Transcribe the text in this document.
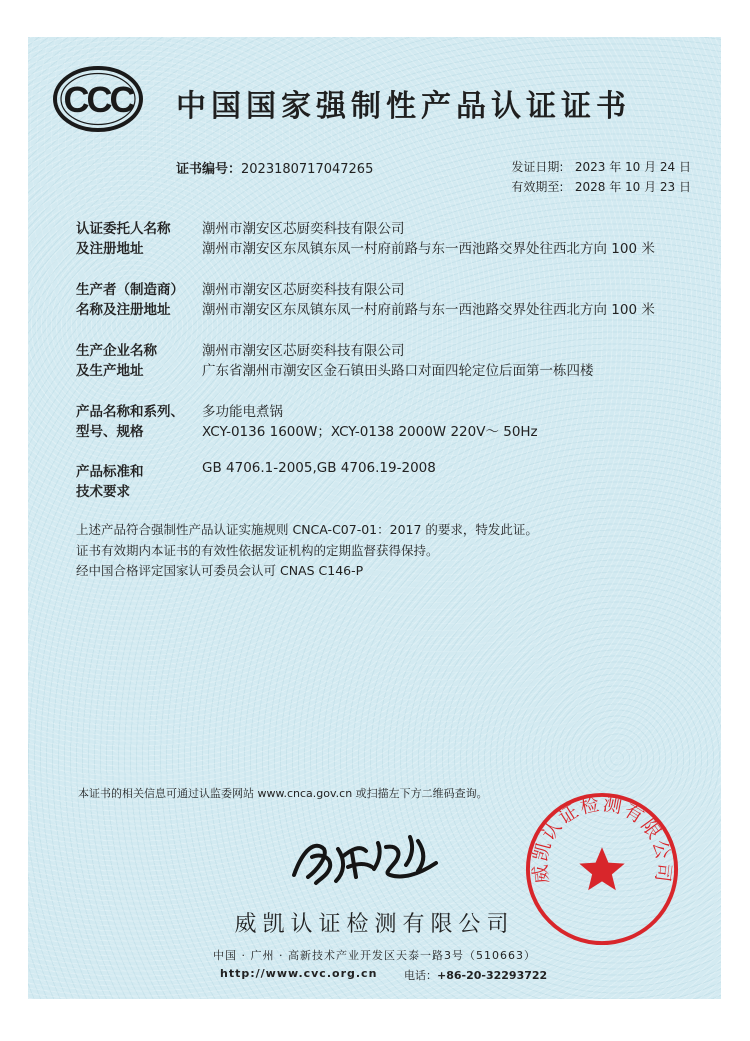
CCC 中国国家强制性产品认证证书
证书编号：2023180717047265	发证日期: 2023 年 10 月 24 日
有效期至: 2028 年 10 月 23 日
认证委托人名称
及注册地址
潮州市潮安区芯厨奕科技有限公司
潮州市潮安区东凤镇东凤一村府前路与东一西池路交界处往西北方向 100 米
生产者（制造商）
名称及注册地址
潮州市潮安区芯厨奕科技有限公司
潮州市潮安区东凤镇东凤一村府前路与东一西池路交界处往西北方向 100 米
生产企业名称
及生产地址
潮州市潮安区芯厨奕科技有限公司
广东省潮州市潮安区金石镇田头路口对面四轮定位后面第一栋四楼
产品名称和系列、
型号、规格
多功能电煮锅
XCY-0136 1600W；XCY-0138 2000W 220V～ 50Hz
产品标准和
技术要求
GB 4706.1-2005,GB 4706.19-2008
上述产品符合强制性产品认证实施规则 CNCA-C07-01：2017 的要求，特发此证。
证书有效期内本证书的有效性依据发证机构的定期监督获得保持。
经中国合格评定国家认可委员会认可 CNAS C146-P
本证书的相关信息可通过认监委网站 www.cnca.gov.cn 或扫描左下方二维码查询。
威凯认证检测有限公司
中国 · 广州 · 高新技术产业开发区天泰一路3号（510663）
http://www.cvc.org.cn 电话：+86-20-32293722
威凯认证检测有限公司
